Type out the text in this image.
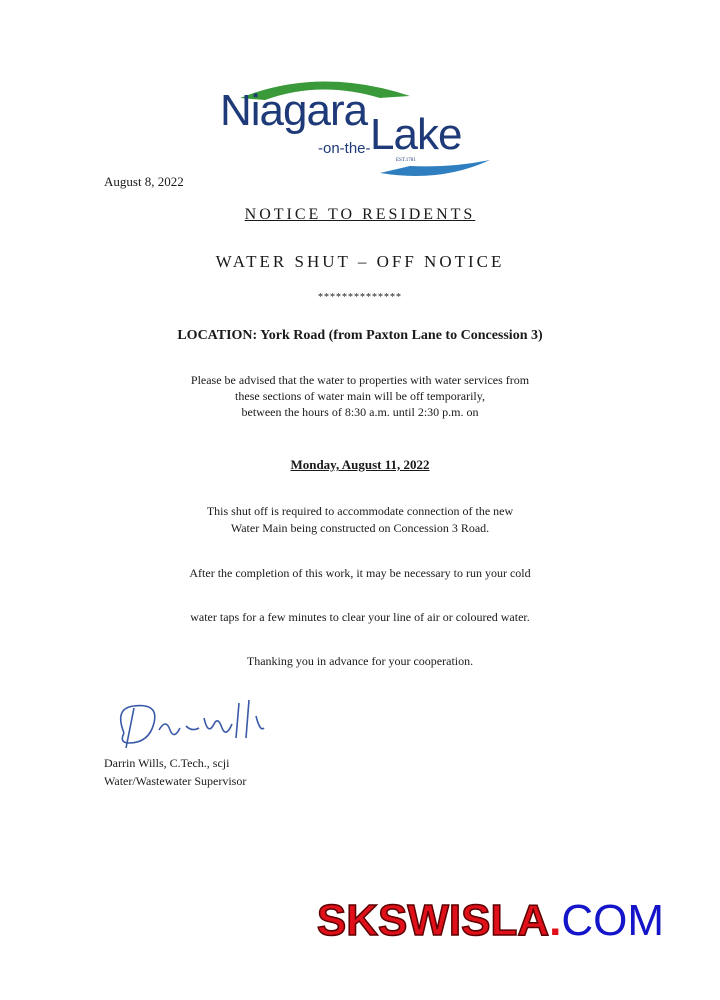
Niagara Lake
-on-the-
EST.1781
August 8, 2022
NOTICE TO RESIDENTS
WATER SHUT – OFF NOTICE
**************
LOCATION: York Road (from Paxton Lane to Concession 3)
Please be advised that the water to properties with water services from
these sections of water main will be off temporarily,
between the hours of 8:30 a.m. until 2:30 p.m. on
Monday, August 11, 2022
This shut off is required to accommodate connection of the new
Water Main being constructed on Concession 3 Road.
After the completion of this work, it may be necessary to run your cold
water taps for a few minutes to clear your line of air or coloured water.
Thanking you in advance for your cooperation.
Darrin Wills, C.Tech., scji
Water/Wastewater Supervisor
SKSWISLA.COM
